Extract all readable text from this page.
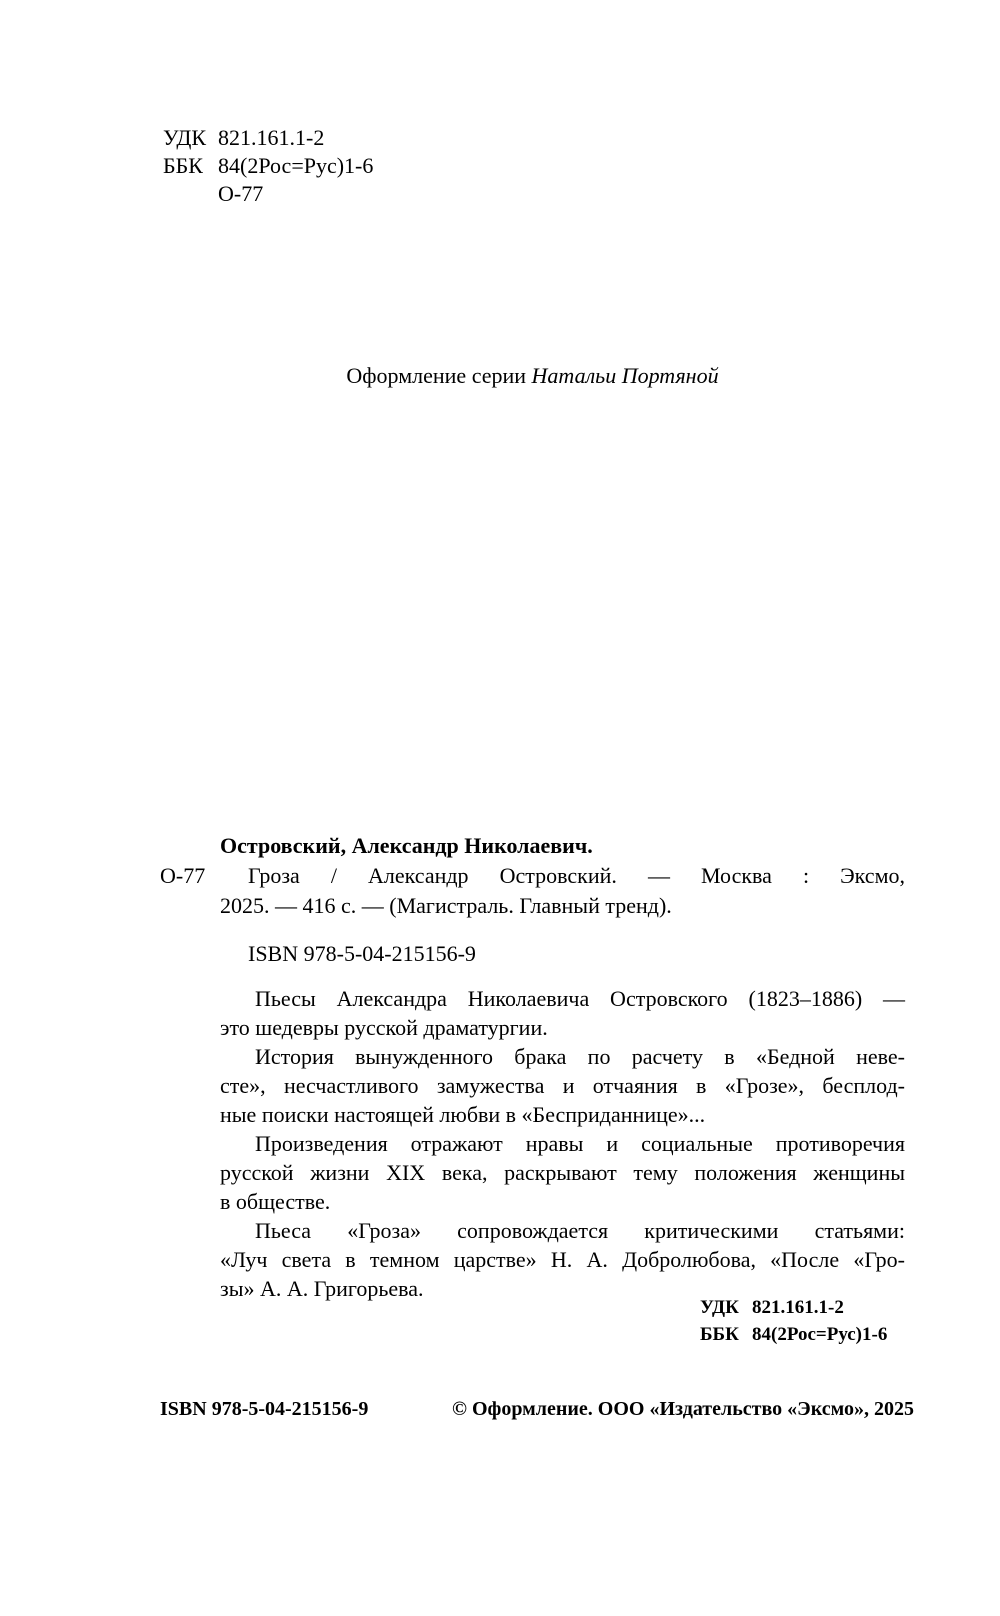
УДК 821.161.1-2
ББК 84(2Рос=Рус)1-6
О-77
Оформление серии Натальи Портяной
Островский, Александр Николаевич.
Гроза / Александр Островский. — Москва : Эксмо,
2025. — 416 с. — (Магистраль. Главный тренд).
О-77
ISBN 978-5-04-215156-9
Пьесы Александра Николаевича Островского (1823–1886) —
это шедевры русской драматургии.
История вынужденного брака по расчету в «Бедной неве-
сте», несчастливого замужества и отчаяния в «Грозе», бесплод-
ные поиски настоящей любви в «Бесприданнице»...
Произведения отражают нравы и социальные противоречия
русской жизни XIX века, раскрывают тему положения женщины
в обществе.
Пьеса «Гроза» сопровождается критическими статьями:
«Луч света в темном царстве» Н. А. Добролюбова, «После «Гро-
зы» А. А. Григорьева.
УДК 821.161.1-2
ББК 84(2Рос=Рус)1-6
ISBN 978-5-04-215156-9	© Оформление. ООО «Издательство «Эксмо», 2025
